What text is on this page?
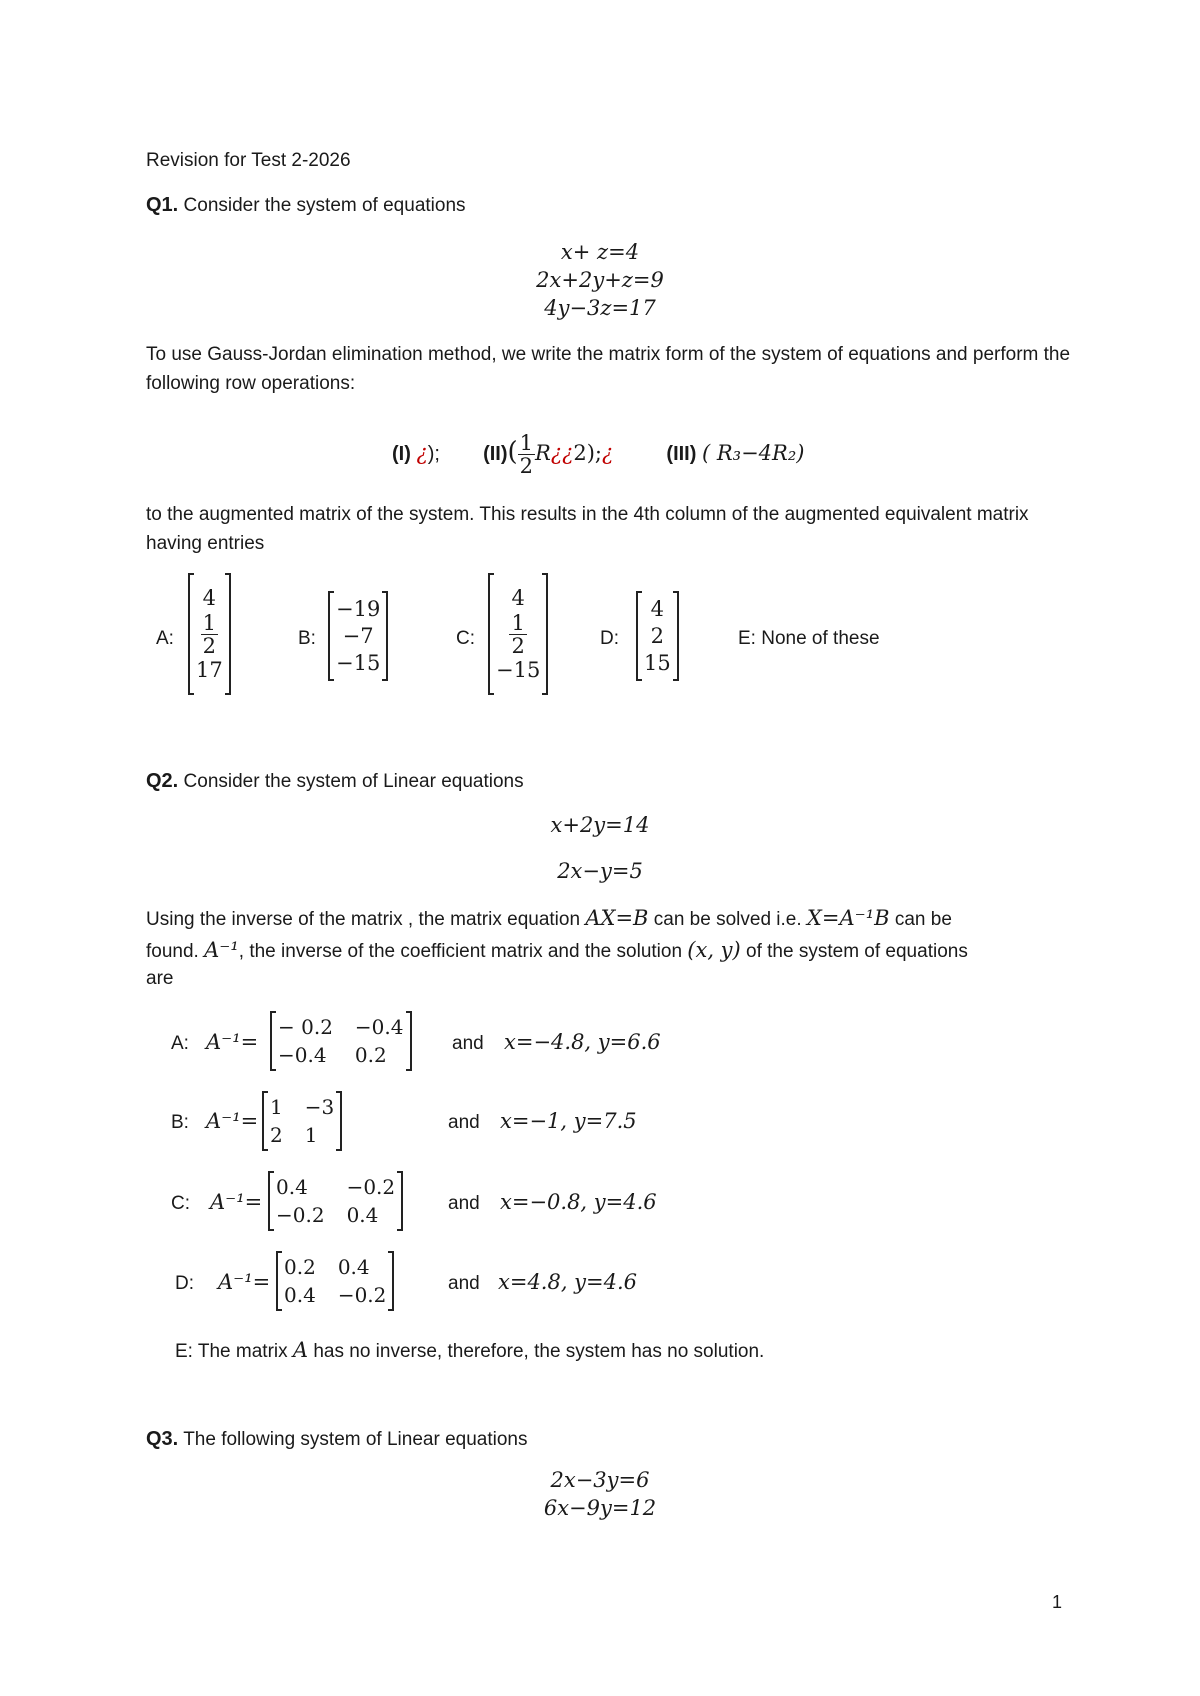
Revision for Test 2-2026
Q1. Consider the system of equations
x+ z=4
2x+2y+z=9
4y−3z=17
To use Gauss-Jordan elimination method, we write the matrix form of the system of equations and perform the following row operations:
(I) ¿); $(II)( \frac{1}{2}$ R¿¿2);¿	(III) ( R₃−4R₂)
to the augmented matrix of the system. This results in the 4th column of the augmented equivalent matrix having entries
A:
4
$\frac{1}{2}$
17
B:
−19
−7
−15
C:
4
$\frac{1}{2}$
−15
D:
4
2
15
E: None of these
Q2. Consider the system of Linear equations
x+2y=14
2x−y=5
Using the inverse of the matrix , the matrix equation AX=B can be solved i.e. X=A⁻¹B can be
found. A⁻¹, the inverse of the coefficient matrix and the solution (x, y) of the system of equations
are
A: A⁻¹=
− 0.2 −0.4
−0.4	0.2	and x=−4.8, y=6.6
B: A⁻¹=
1 −3
2 1
and x=−1, y=7.5
C: A⁻¹=
0.4	−0.2
−0.2 0.4	and x=−0.8, y=4.6
D: A⁻¹=
0.2 0.4
0.4 −0.2	and x=4.8, y=4.6
E: The matrix A has no inverse, therefore, the system has no solution.
Q3. The following system of Linear equations
2x−3y=6
6x−9y=12
1
